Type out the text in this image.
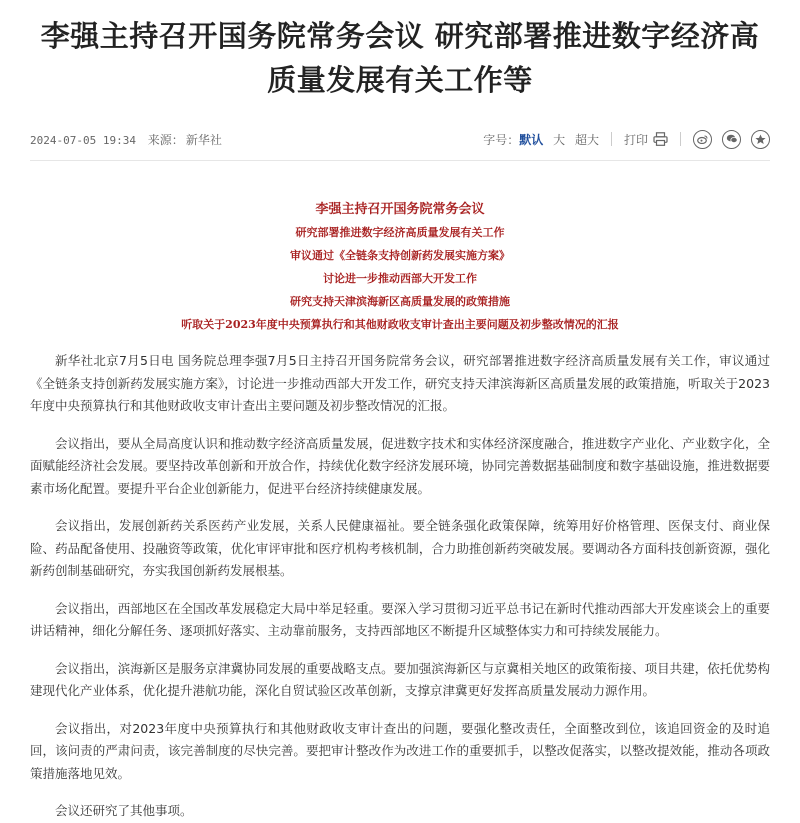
李强主持召开国务院常务会议 研究部署推进数字经济高质量发展有关工作等
2024-07-05 19:34 来源： 新华社	字号：默认 大 超大 打印
李强主持召开国务院常务会议
研究部署推进数字经济高质量发展有关工作
审议通过《全链条支持创新药发展实施方案》
讨论进一步推动西部大开发工作
研究支持天津滨海新区高质量发展的政策措施
听取关于2023年度中央预算执行和其他财政收支审计查出主要问题及初步整改情况的汇报

新华社北京7月5日电 国务院总理李强7月5日主持召开国务院常务会议，研究部署推进数字经济高质量发展有关工作，审议通过《全链条支持创新药发展实施方案》，讨论进一步推动西部大开发工作，研究支持天津滨海新区高质量发展的政策措施，听取关于2023年度中央预算执行和其他财政收支审计查出主要问题及初步整改情况的汇报。

会议指出，要从全局高度认识和推动数字经济高质量发展，促进数字技术和实体经济深度融合，推进数字产业化、产业数字化，全面赋能经济社会发展。要坚持改革创新和开放合作，持续优化数字经济发展环境，协同完善数据基础制度和数字基础设施，推进数据要素市场化配置。要提升平台企业创新能力，促进平台经济持续健康发展。

会议指出，发展创新药关系医药产业发展，关系人民健康福祉。要全链条强化政策保障，统筹用好价格管理、医保支付、商业保险、药品配备使用、投融资等政策，优化审评审批和医疗机构考核机制，合力助推创新药突破发展。要调动各方面科技创新资源，强化新药创制基础研究，夯实我国创新药发展根基。

会议指出，西部地区在全国改革发展稳定大局中举足轻重。要深入学习贯彻习近平总书记在新时代推动西部大开发座谈会上的重要讲话精神，细化分解任务、逐项抓好落实、主动靠前服务，支持西部地区不断提升区域整体实力和可持续发展能力。

会议指出，滨海新区是服务京津冀协同发展的重要战略支点。要加强滨海新区与京冀相关地区的政策衔接、项目共建，依托优势构建现代化产业体系，优化提升港航功能，深化自贸试验区改革创新，支撑京津冀更好发挥高质量发展动力源作用。

会议指出，对2023年度中央预算执行和其他财政收支审计查出的问题，要强化整改责任，全面整改到位，该追回资金的及时追回，该问责的严肃问责，该完善制度的尽快完善。要把审计整改作为改进工作的重要抓手，以整改促落实，以整改提效能，推动各项政策措施落地见效。

会议还研究了其他事项。
